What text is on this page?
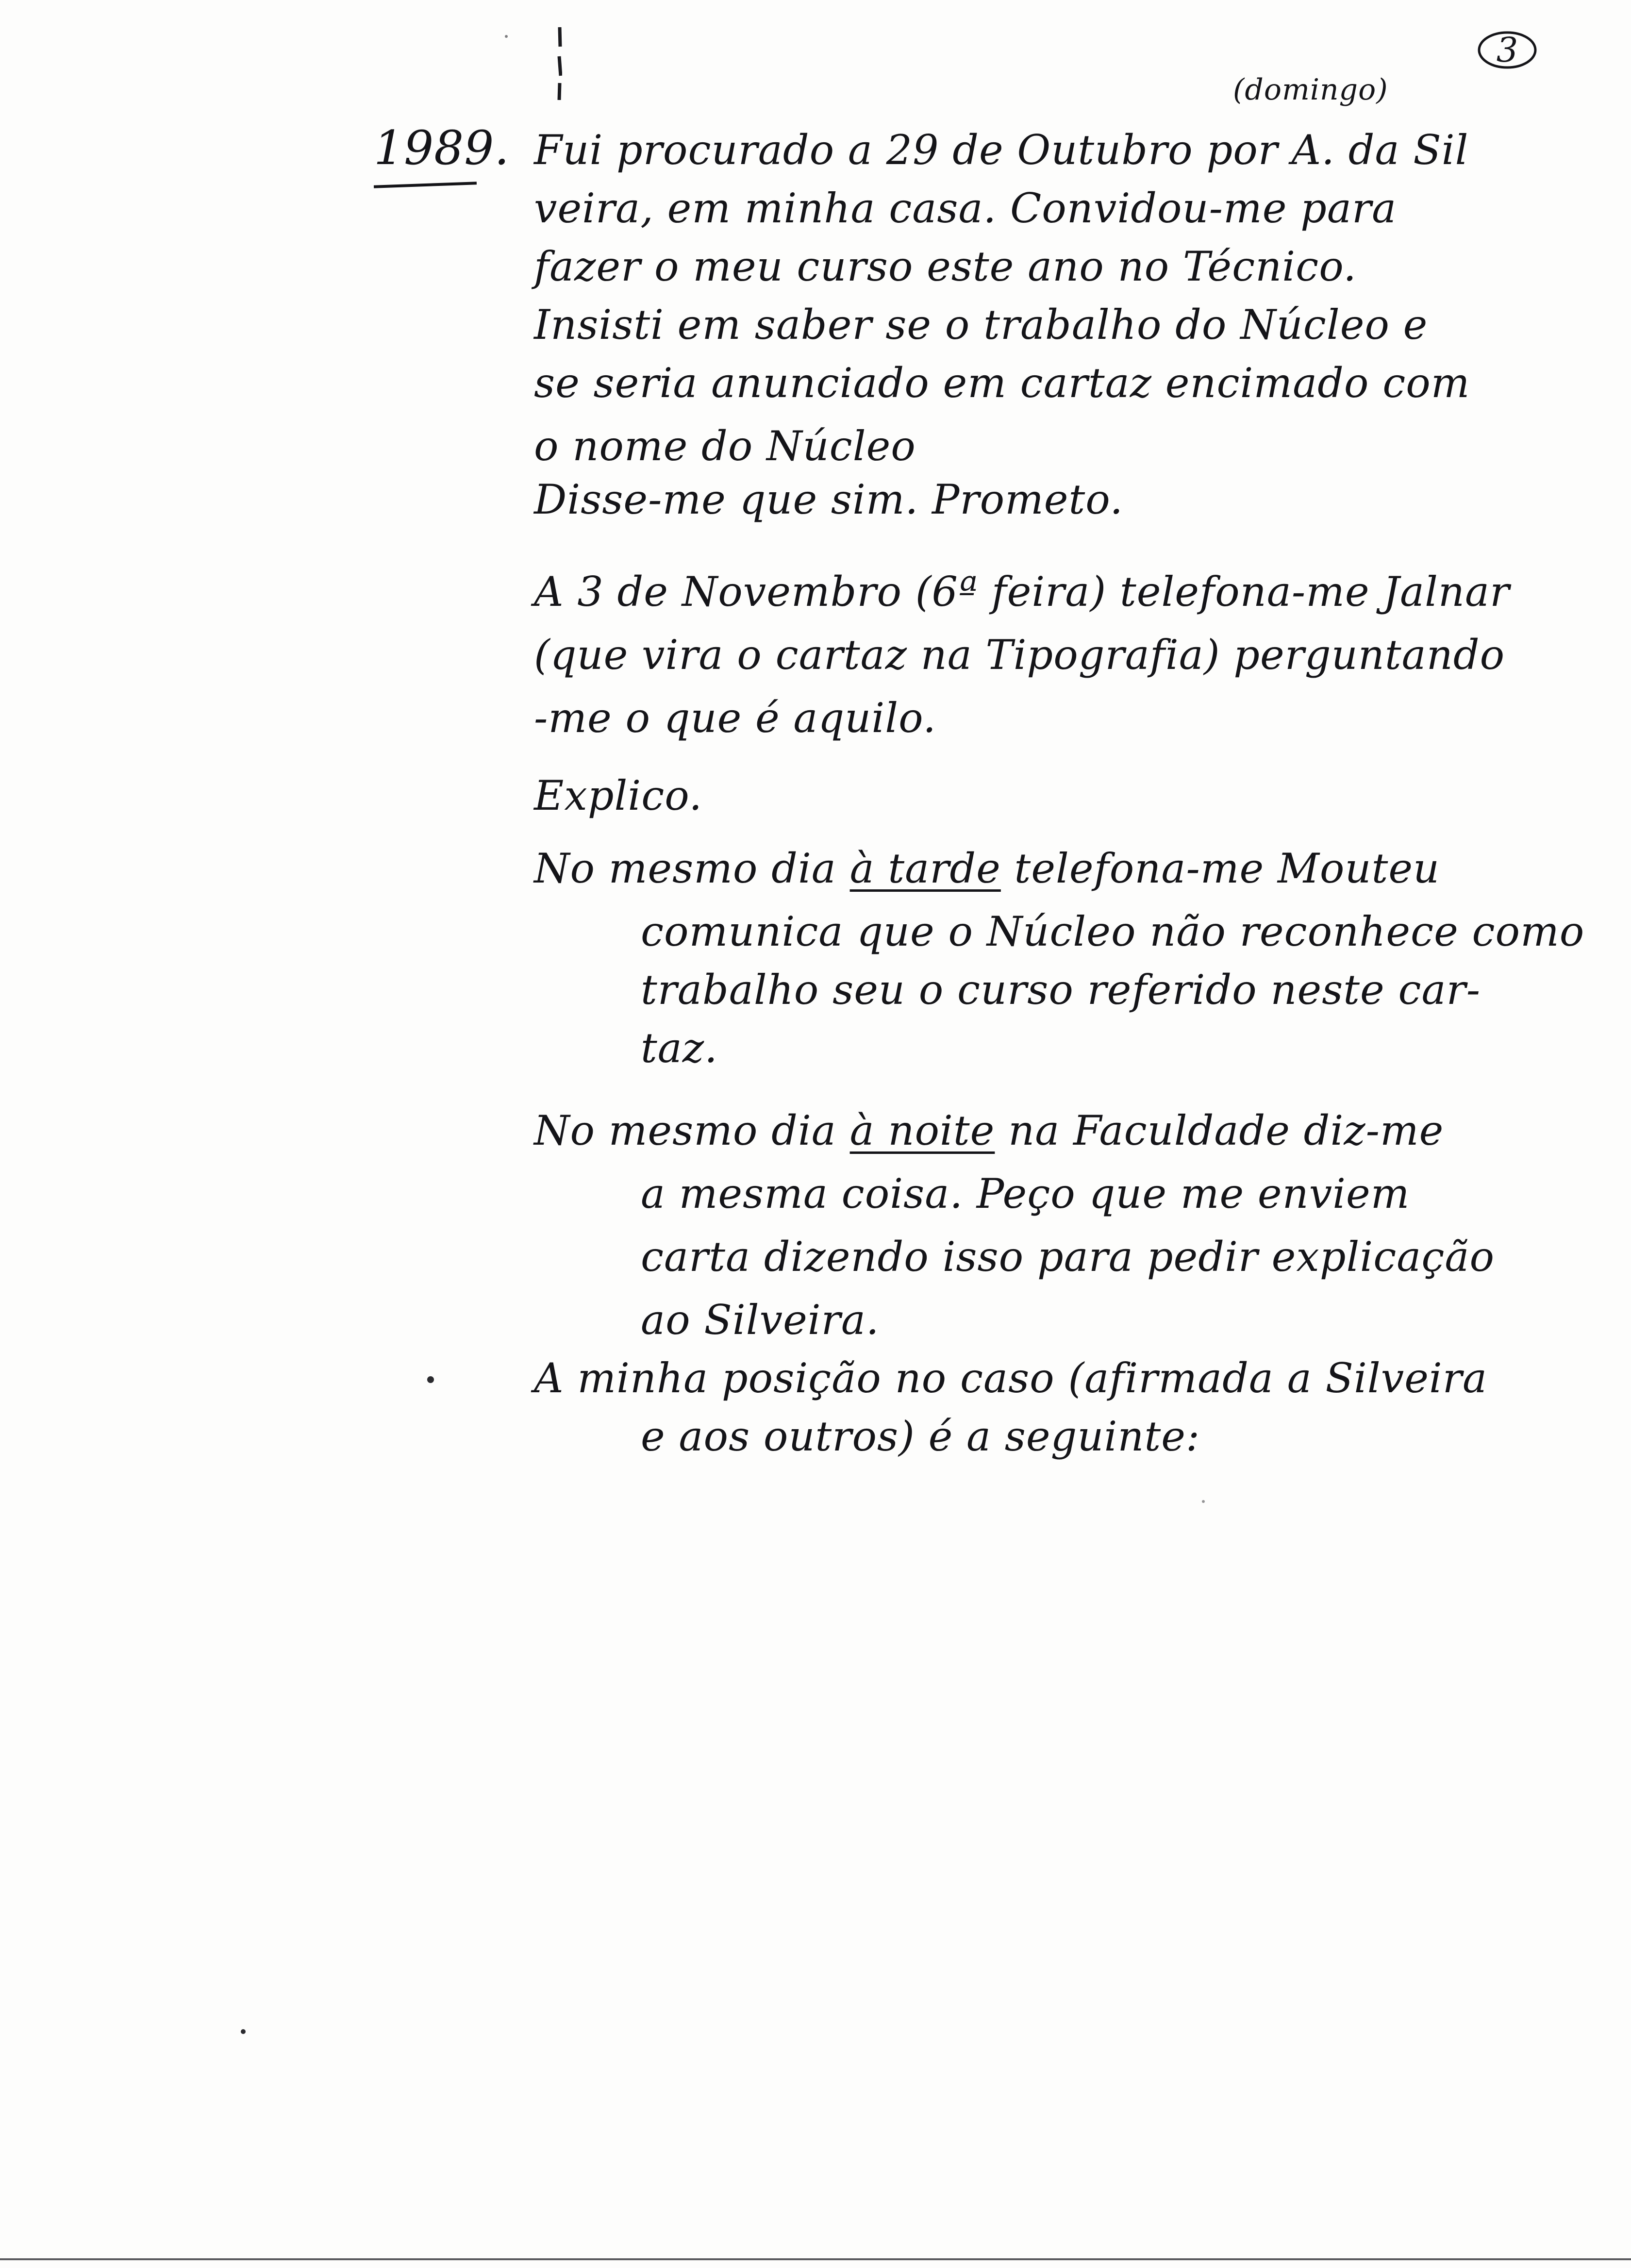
3
1989.
(domingo)
Fui procurado a 29 de Outubro por A. da Sil
veira, em minha casa. Convidou-me para
fazer o meu curso este ano no Técnico.
Insisti em saber se o trabalho do Núcleo e
se seria anunciado em cartaz encimado com
o nome do Núcleo
Disse-me que sim. Prometo.
A 3 de Novembro (6ª feira) telefona-me Jalnar
(que vira o cartaz na Tipografia) perguntando
-me o que é aquilo.
Explico.
No mesmo dia à tarde telefona-me Mouteu
comunica que o Núcleo não reconhece como
trabalho seu o curso referido neste car-
taz.
No mesmo dia à noite na Faculdade diz-me
a mesma coisa. Peço que me enviem
carta dizendo isso para pedir explicação
ao Silveira.
A minha posição no caso (afirmada a Silveira
e aos outros) é a seguinte:
